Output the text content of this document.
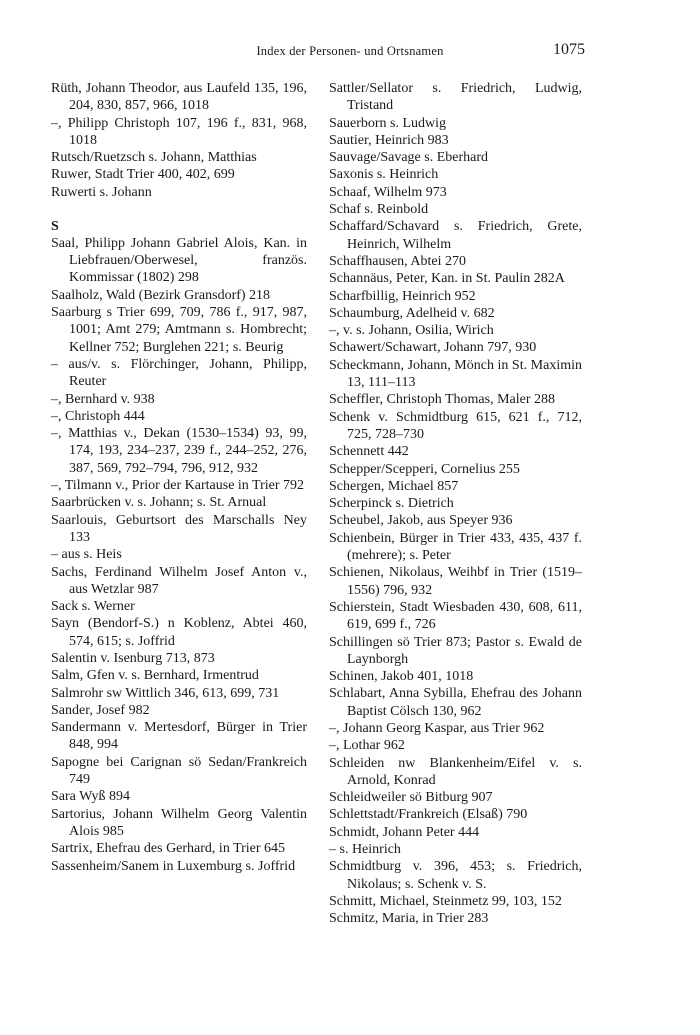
Index der Personen- und Ortsnamen	1075
Rüth, Johann Theodor, aus Laufeld 135, 196, 204, 830, 857, 966, 1018
–, Philipp Christoph 107, 196 f., 831, 968, 1018
Rutsch/Ruetzsch s. Johann, Matthias
Ruwer, Stadt Trier 400, 402, 699
Ruwerti s. Johann
S
Saal, Philipp Johann Gabriel Alois, Kan. in Liebfrauen/Oberwesel, französ. Kommissar (1802) 298
Saalholz, Wald (Bezirk Gransdorf) 218
Saarburg s Trier 699, 709, 786 f., 917, 987, 1001; Amt 279; Amtmann s. Hombrecht; Kellner 752; Burglehen 221; s. Beurig
– aus/v. s. Flörchinger, Johann, Philipp, Reuter
–, Bernhard v. 938
–, Christoph 444
–, Matthias v., Dekan (1530–1534) 93, 99, 174, 193, 234–237, 239 f., 244–252, 276, 387, 569, 792–794, 796, 912, 932
–, Tilmann v., Prior der Kartause in Trier 792
Saarbrücken v. s. Johann; s. St. Arnual
Saarlouis, Geburtsort des Marschalls Ney 133
– aus s. Heis
Sachs, Ferdinand Wilhelm Josef Anton v., aus Wetzlar 987
Sack s. Werner
Sayn (Bendorf-S.) n Koblenz, Abtei 460, 574, 615; s. Joffrid
Salentin v. Isenburg 713, 873
Salm, Gfen v. s. Bernhard, Irmentrud
Salmrohr sw Wittlich 346, 613, 699, 731
Sander, Josef 982
Sandermann v. Mertesdorf, Bürger in Trier 848, 994
Sapogne bei Carignan sö Sedan/Frankreich 749
Sara Wyß 894
Sartorius, Johann Wilhelm Georg Valentin Alois 985
Sartrix, Ehefrau des Gerhard, in Trier 645
Sassenheim/Sanem in Luxemburg s. Joffrid
Sattler/Sellator s. Friedrich, Ludwig, Tristand
Sauerborn s. Ludwig
Sautier, Heinrich 983
Sauvage/Savage s. Eberhard
Saxonis s. Heinrich
Schaaf, Wilhelm 973
Schaf s. Reinbold
Schaffard/Schavard s. Friedrich, Grete, Heinrich, Wilhelm
Schaffhausen, Abtei 270
Schannäus, Peter, Kan. in St. Paulin 282A
Scharfbillig, Heinrich 952
Schaumburg, Adelheid v. 682
–, v. s. Johann, Osilia, Wirich
Schawert/Schawart, Johann 797, 930
Scheckmann, Johann, Mönch in St. Maximin 13, 111–113
Scheffler, Christoph Thomas, Maler 288
Schenk v. Schmidtburg 615, 621 f., 712, 725, 728–730
Schennett 442
Schepper/Scepperi, Cornelius 255
Schergen, Michael 857
Scherpinck s. Dietrich
Scheubel, Jakob, aus Speyer 936
Schienbein, Bürger in Trier 433, 435, 437 f. (mehrere); s. Peter
Schienen, Nikolaus, Weihbf in Trier (1519–1556) 796, 932
Schierstein, Stadt Wiesbaden 430, 608, 611, 619, 699 f., 726
Schillingen sö Trier 873; Pastor s. Ewald de Laynborgh
Schinen, Jakob 401, 1018
Schlabart, Anna Sybilla, Ehefrau des Johann Baptist Cölsch 130, 962
–, Johann Georg Kaspar, aus Trier 962
–, Lothar 962
Schleiden nw Blankenheim/Eifel v. s. Arnold, Konrad
Schleidweiler sö Bitburg 907
Schlettstadt/Frankreich (Elsaß) 790
Schmidt, Johann Peter 444
– s. Heinrich
Schmidtburg v. 396, 453; s. Friedrich, Nikolaus; s. Schenk v. S.
Schmitt, Michael, Steinmetz 99, 103, 152
Schmitz, Maria, in Trier 283
